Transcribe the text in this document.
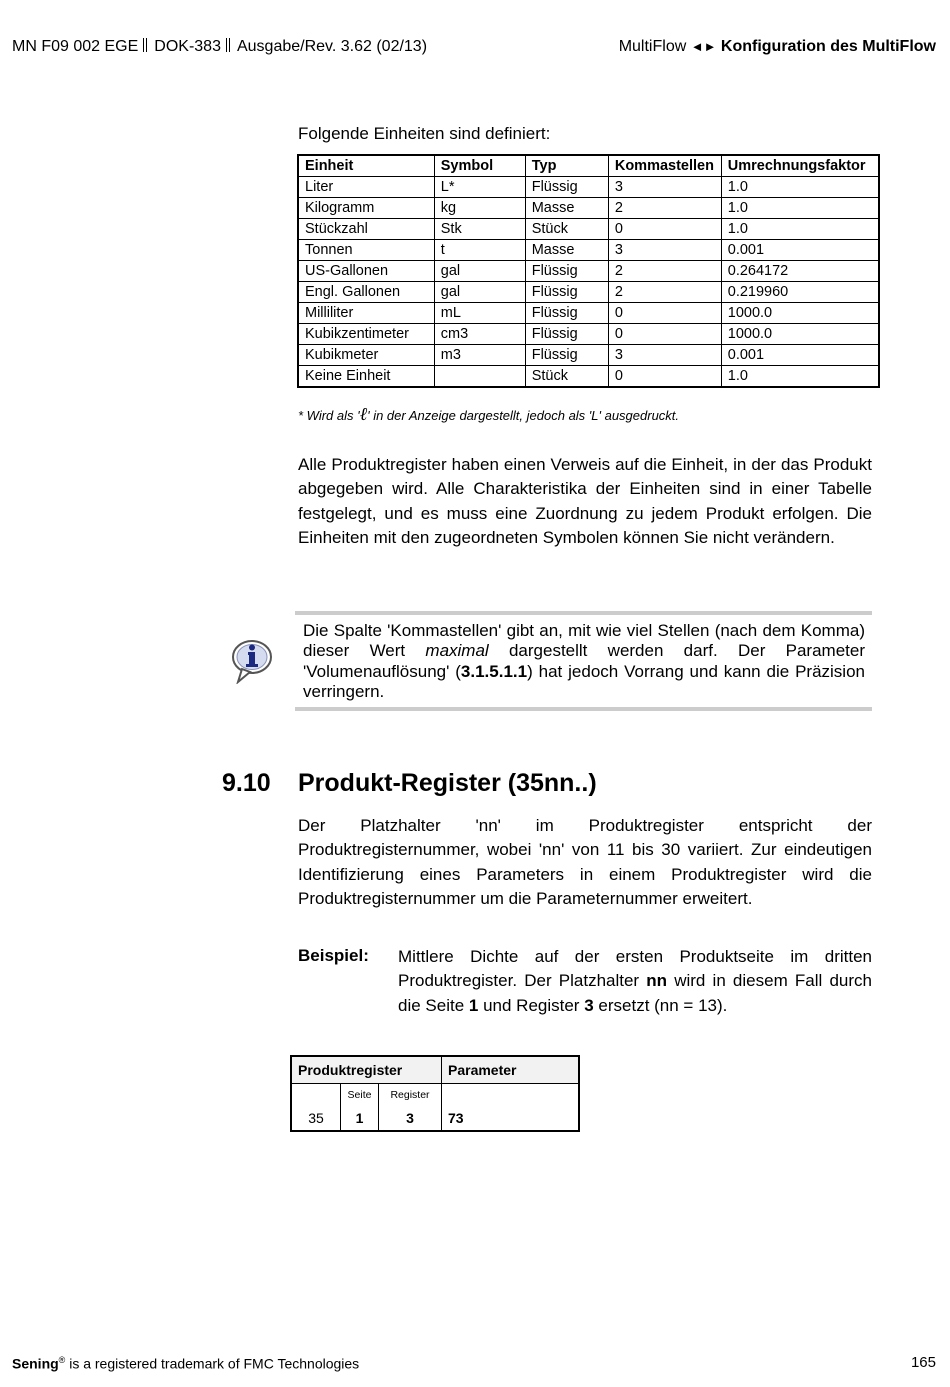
MN F09 002 EGE DOK-383 Ausgabe/Rev. 3.62 (02/13)	MultiFlow ◄► Konfiguration des MultiFlow
Folgende Einheiten sind definiert:
Einheit	Symbol	Typ	Kommastellen	Umrechnungsfaktor
Liter	L*	Flüssig	3	1.0
Kilogramm	kg	Masse	2	1.0
Stückzahl	Stk	Stück	0	1.0
Tonnen	t	Masse	3	0.001
US-Gallonen	gal	Flüssig	2	0.264172
Engl. Gallonen	gal	Flüssig	2	0.219960
Milliliter	mL	Flüssig	0	1000.0
Kubikzentimeter	cm3	Flüssig	0	1000.0
Kubikmeter	m3	Flüssig	3	0.001
Keine Einheit		Stück	0	1.0
* Wird als 'ℓ' in der Anzeige dargestellt, jedoch als 'L' ausgedruckt.
Alle Produktregister haben einen Verweis auf die Einheit, in der das Produkt abgegeben wird. Alle Charakteristika der Einheiten sind in einer Tabelle festgelegt, und es muss eine Zuordnung zu jedem Produkt erfolgen. Die Einheiten mit den zugeordneten Symbolen können Sie nicht verändern.
Die Spalte 'Kommastellen' gibt an, mit wie viel Stellen (nach dem Komma) dieser Wert maximal dargestellt werden darf. Der Parameter 'Volumenauflösung' (3.1.5.1.1) hat jedoch Vorrang und kann die Präzision verringern.
9.10 Produkt-Register (35nn..)
Der Platzhalter 'nn' im Produktregister entspricht der Produktregisternummer, wobei 'nn' von 11 bis 30 variiert. Zur eindeutigen Identifizierung eines Parameters in einem Produktregister wird die Produktregisternummer um die Parameternummer erweitert.
Beispiel: Mittlere Dichte auf der ersten Produktseite im dritten Produktregister. Der Platzhalter nn wird in diesem Fall durch die Seite 1 und Register 3 ersetzt (nn = 13).
Produktregister			Parameter
	Seite	Register	
35	1	3	73
Sening® is a registered trademark of FMC Technologies	165
